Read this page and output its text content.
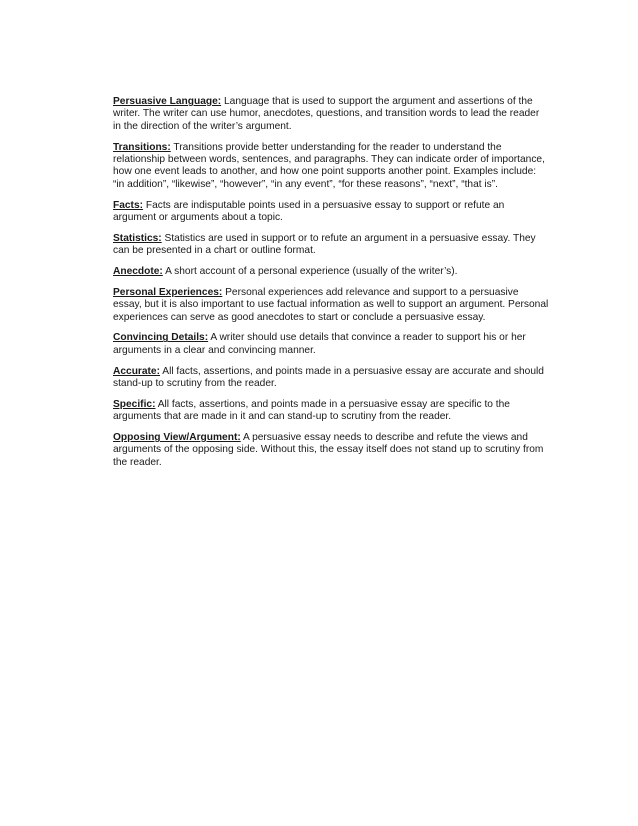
Persuasive Language: Language that is used to support the argument and assertions of the writer. The writer can use humor, anecdotes, questions, and transition words to lead the reader in the direction of the writer’s argument.

Transitions: Transitions provide better understanding for the reader to understand the relationship between words, sentences, and paragraphs. They can indicate order of importance, how one event leads to another, and how one point supports another point. Examples include: “in addition”, “likewise”, “however”, “in any event”, “for these reasons”, “next”, “that is”.

Facts: Facts are indisputable points used in a persuasive essay to support or refute an argument or arguments about a topic.

Statistics: Statistics are used in support or to refute an argument in a persuasive essay. They can be presented in a chart or outline format.

Anecdote: A short account of a personal experience (usually of the writer’s).

Personal Experiences: Personal experiences add relevance and support to a persuasive essay, but it is also important to use factual information as well to support an argument. Personal experiences can serve as good anecdotes to start or conclude a persuasive essay.

Convincing Details: A writer should use details that convince a reader to support his or her arguments in a clear and convincing manner.

Accurate: All facts, assertions, and points made in a persuasive essay are accurate and should stand-up to scrutiny from the reader.

Specific: All facts, assertions, and points made in a persuasive essay are specific to the arguments that are made in it and can stand-up to scrutiny from the reader.

Opposing View/Argument: A persuasive essay needs to describe and refute the views and arguments of the opposing side. Without this, the essay itself does not stand up to scrutiny from the reader.
